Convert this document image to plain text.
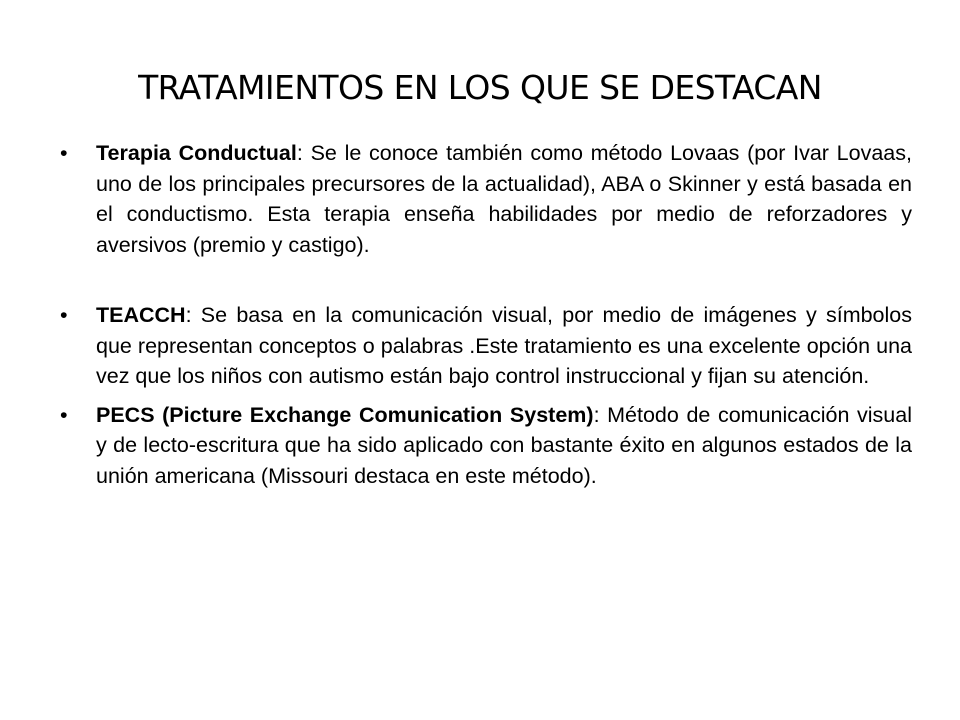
TRATAMIENTOS EN LOS QUE SE DESTACAN
• Terapia Conductual: Se le conoce también como método Lovaas (por Ivar Lovaas, uno de los principales precursores de la actualidad), ABA o Skinner y está basada en el conductismo. Esta terapia enseña habilidades por medio de reforzadores y aversivos (premio y castigo).
• TEACCH: Se basa en la comunicación visual, por medio de imágenes y símbolos que representan conceptos o palabras .Este tratamiento es una excelente opción una vez que los niños con autismo están bajo control instruccional y fijan su atención.
• PECS (Picture Exchange Comunication System): Método de comunicación visual y de lecto-escritura que ha sido aplicado con bastante éxito en algunos estados de la unión americana (Missouri destaca en este método).
